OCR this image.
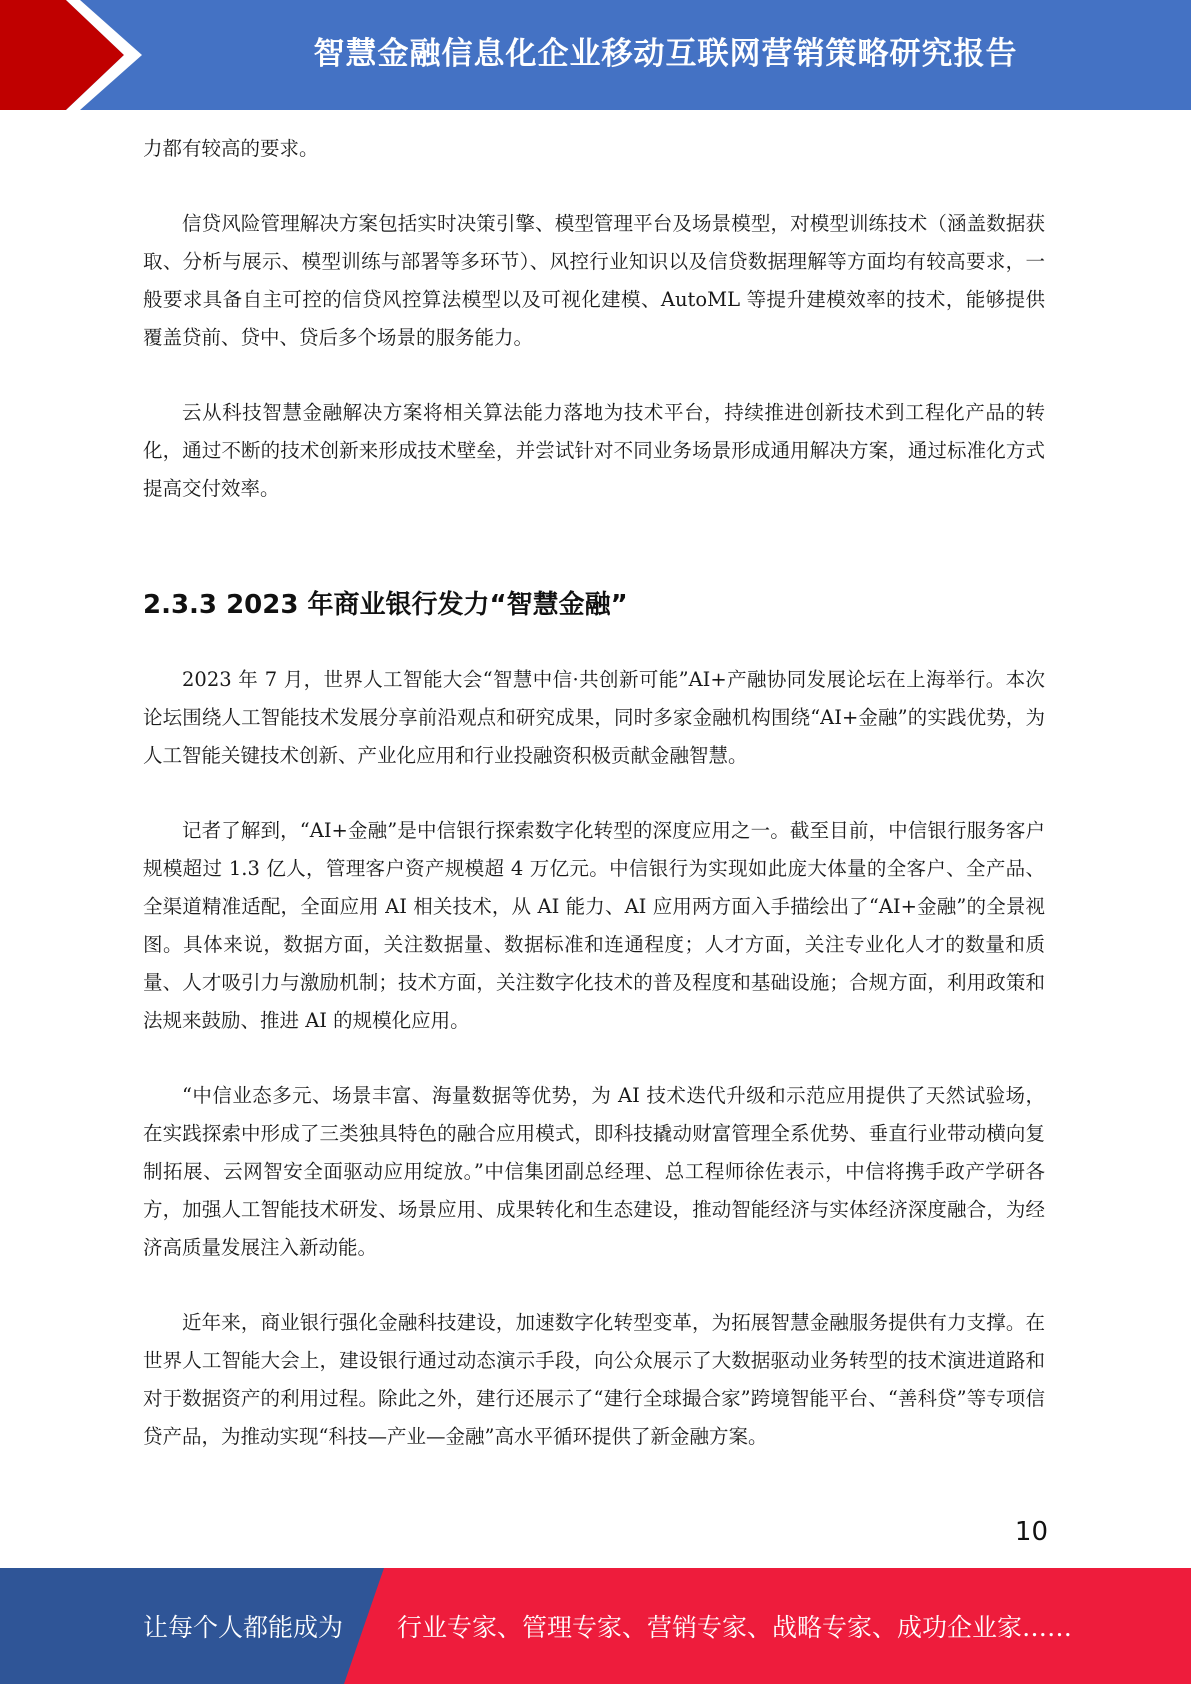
智慧金融信息化企业移动互联网营销策略研究报告

力都有较高的要求。

信贷风险管理解决方案包括实时决策引擎、模型管理平台及场景模型，对模型训练技术（涵盖数据获取、分析与展示、模型训练与部署等多环节）、风控行业知识以及信贷数据理解等方面均有较高要求，一般要求具备自主可控的信贷风控算法模型以及可视化建模、AutoML 等提升建模效率的技术，能够提供覆盖贷前、贷中、贷后多个场景的服务能力。

云从科技智慧金融解决方案将相关算法能力落地为技术平台，持续推进创新技术到工程化产品的转化，通过不断的技术创新来形成技术壁垒，并尝试针对不同业务场景形成通用解决方案，通过标准化方式提高交付效率。

2.3.3 2023 年商业银行发力“智慧金融”

2023 年 7 月，世界人工智能大会“智慧中信·共创新可能”AI+产融协同发展论坛在上海举行。本次论坛围绕人工智能技术发展分享前沿观点和研究成果，同时多家金融机构围绕“AI+金融”的实践优势，为人工智能关键技术创新、产业化应用和行业投融资积极贡献金融智慧。

记者了解到，“AI+金融”是中信银行探索数字化转型的深度应用之一。截至目前，中信银行服务客户规模超过 1.3 亿人，管理客户资产规模超 4 万亿元。中信银行为实现如此庞大体量的全客户、全产品、全渠道精准适配，全面应用 AI 相关技术，从 AI 能力、AI 应用两方面入手描绘出了“AI+金融”的全景视图。具体来说，数据方面，关注数据量、数据标准和连通程度；人才方面，关注专业化人才的数量和质量、人才吸引力与激励机制；技术方面，关注数字化技术的普及程度和基础设施；合规方面，利用政策和法规来鼓励、推进 AI 的规模化应用。

“中信业态多元、场景丰富、海量数据等优势，为 AI 技术迭代升级和示范应用提供了天然试验场，在实践探索中形成了三类独具特色的融合应用模式，即科技撬动财富管理全系优势、垂直行业带动横向复制拓展、云网智安全面驱动应用绽放。”中信集团副总经理、总工程师徐佐表示，中信将携手政产学研各方，加强人工智能技术研发、场景应用、成果转化和生态建设，推动智能经济与实体经济深度融合，为经济高质量发展注入新动能。

近年来，商业银行强化金融科技建设，加速数字化转型变革，为拓展智慧金融服务提供有力支撑。在世界人工智能大会上，建设银行通过动态演示手段，向公众展示了大数据驱动业务转型的技术演进道路和对于数据资产的利用过程。除此之外，建行还展示了“建行全球撮合家”跨境智能平台、“善科贷”等专项信贷产品，为推动实现“科技—产业—金融”高水平循环提供了新金融方案。

10
让每个人都能成为 行业专家、管理专家、营销专家、战略专家、成功企业家……
